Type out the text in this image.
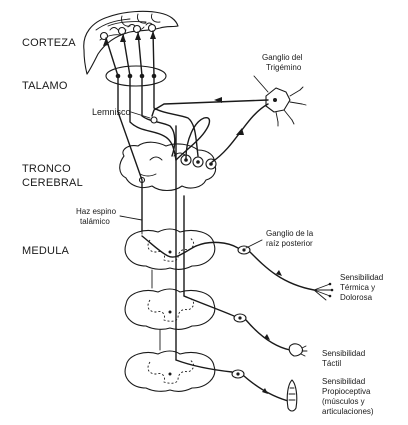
CORTEZA
TALAMO
TRONCO
CEREBRAL
MEDULA
Ganglio del
Trigémino
Lemnisco
Haz espino
talámico
Ganglio de la
raíz posterior
Sensibilidad
Térmica y
Dolorosa
Sensibilidad
Táctil
Sensibilidad
Propioceptiva
(músculos y
articulaciones)
